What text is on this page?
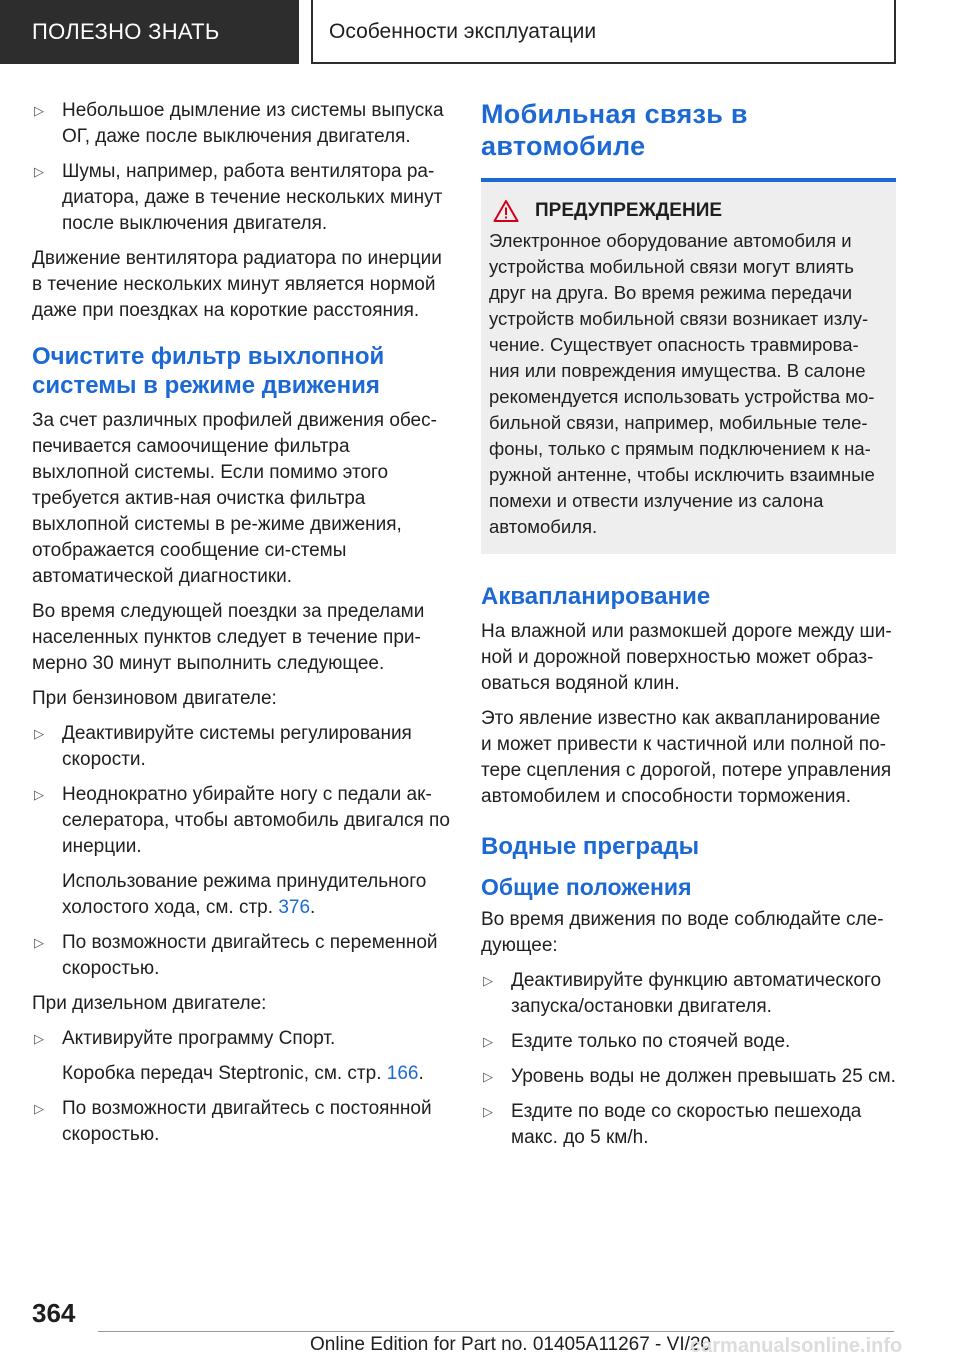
ПОЛЕЗНО ЗНАТЬ	Особенности эксплуатации
▷ Небольшое дымление из системы выпуска ОГ, даже после выключения двигателя.
▷ Шумы, например, работа вентилятора ра-диатора, даже в течение нескольких минут после выключения двигателя.

Движение вентилятора радиатора по инерции в течение нескольких минут является нормой даже при поездках на короткие расстояния.

Очистите фильтр выхлопной системы в режиме движения

За счет различных профилей движения обес-печивается самоочищение фильтра выхлопной системы. Если помимо этого требуется актив-ная очистка фильтра выхлопной системы в ре-жиме движения, отображается сообщение си-стемы автоматической диагностики.

Во время следующей поездки за пределами населенных пунктов следует в течение при-мерно 30 минут выполнить следующее.

При бензиновом двигателе:

▷ Деактивируйте системы регулирования скорости.
▷ Неоднократно убирайте ногу с педали ак-селератора, чтобы автомобиль двигался по инерции.
Использование режима принудительного холостого хода, см. стр. 376.
▷ По возможности двигайтесь с переменной скоростью.

При дизельном двигателе:

▷ Активируйте программу Спорт.
Коробка передач Steptronic, см. стр. 166.
▷ По возможности двигайтесь с постоянной скоростью.
Мобильная связь в автомобиле
ПРЕДУПРЕЖДЕНИЕ
Электронное оборудование автомобиля и устройства мобильной связи могут влиять друг на друга. Во время режима передачи устройств мобильной связи возникает излу-чение. Существует опасность травмирова-ния или повреждения имущества. В салоне рекомендуется использовать устройства мо-бильной связи, например, мобильные теле-фоны, только с прямым подключением к на-ружной антенне, чтобы исключить взаимные помехи и отвести излучение из салона автомобиля.
Аквапланирование

На влажной или размокшей дороге между ши-ной и дорожной поверхностью может образ-оваться водяной клин.

Это явление известно как аквапланирование и может привести к частичной или полной по-тере сцепления с дорогой, потере управления автомобилем и способности торможения.

Водные преграды
Общие положения

Во время движения по воде соблюдайте сле-дующее:

▷ Деактивируйте функцию автоматического запуска/остановки двигателя.
▷ Ездите только по стоячей воде.
▷ Уровень воды не должен превышать 25 см.
▷ Ездите по воде со скоростью пешехода макс. до 5 км/h.
364
Online Edition for Part no. 01405A11267 - VI/20
carmanualsonline.info
